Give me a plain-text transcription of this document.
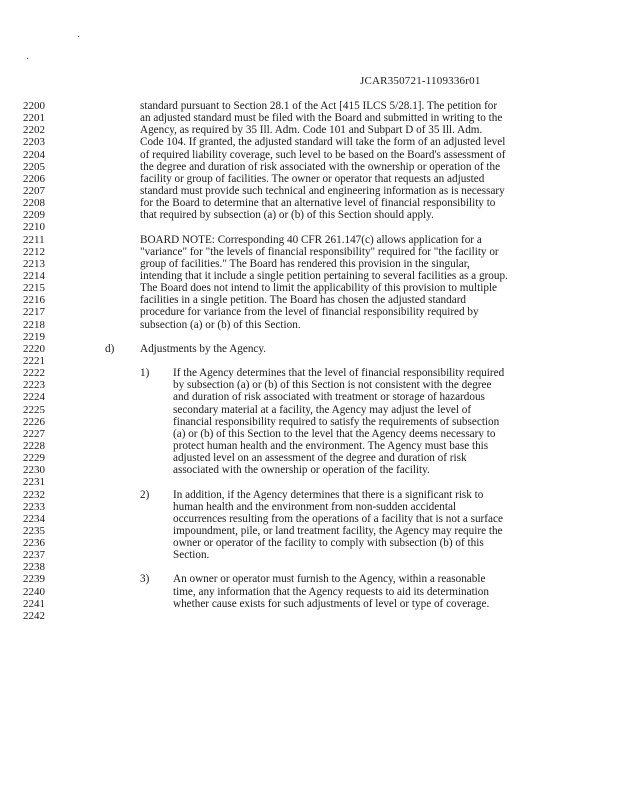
·
·
JCAR350721-1109336r01
2200	standard pursuant to Section 28.1 of the Act [415 ILCS 5/28.1]. The petition for
2201	an adjusted standard must be filed with the Board and submitted in writing to the
2202	Agency, as required by 35 Ill. Adm. Code 101 and Subpart D of 35 Ill. Adm.
2203	Code 104. If granted, the adjusted standard will take the form of an adjusted level
2204	of required liability coverage, such level to be based on the Board's assessment of
2205	the degree and duration of risk associated with the ownership or operation of the
2206	facility or group of facilities. The owner or operator that requests an adjusted
2207	standard must provide such technical and engineering information as is necessary
2208	for the Board to determine that an alternative level of financial responsibility to
2209	that required by subsection (a) or (b) of this Section should apply.
2210
2211	BOARD NOTE: Corresponding 40 CFR 261.147(c) allows application for a
2212	"variance" for "the levels of financial responsibility" required for "the facility or
2213	group of facilities." The Board has rendered this provision in the singular,
2214	intending that it include a single petition pertaining to several facilities as a group.
2215	The Board does not intend to limit the applicability of this provision to multiple
2216	facilities in a single petition. The Board has chosen the adjusted standard
2217	procedure for variance from the level of financial responsibility required by
2218	subsection (a) or (b) of this Section.
2219
2220	d) Adjustments by the Agency.
2221
2222	1) If the Agency determines that the level of financial responsibility required
2223	by subsection (a) or (b) of this Section is not consistent with the degree
2224	and duration of risk associated with treatment or storage of hazardous
2225	secondary material at a facility, the Agency may adjust the level of
2226	financial responsibility required to satisfy the requirements of subsection
2227	(a) or (b) of this Section to the level that the Agency deems necessary to
2228	protect human health and the environment. The Agency must base this
2229	adjusted level on an assessment of the degree and duration of risk
2230	associated with the ownership or operation of the facility.
2231
2232	2) In addition, if the Agency determines that there is a significant risk to
2233	human health and the environment from non-sudden accidental
2234	occurrences resulting from the operations of a facility that is not a surface
2235	impoundment, pile, or land treatment facility, the Agency may require the
2236	owner or operator of the facility to comply with subsection (b) of this
2237	Section.
2238
2239	3) An owner or operator must furnish to the Agency, within a reasonable
2240	time, any information that the Agency requests to aid its determination
2241	whether cause exists for such adjustments of level or type of coverage.
2242
